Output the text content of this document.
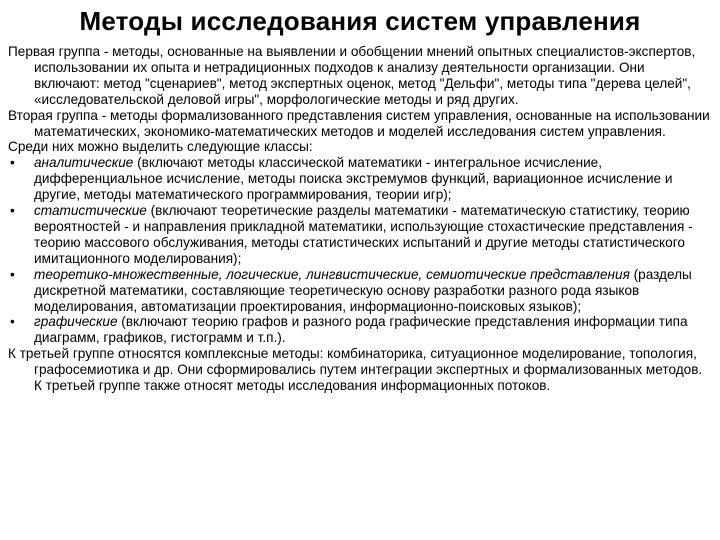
Методы исследования систем управления

Первая группа - методы, основанные на выявлении и обобщении мнений опытных специалистов-экспертов, использовании их опыта и нетрадиционных подходов к анализу деятельности организации. Они включают: метод "сценариев", метод экспертных оценок, метод "Дельфи", методы типа "дерева целей", «исследовательской деловой игры", морфологические методы и ряд других.

Вторая группа - методы формализованного представления систем управления, основанные на использовании математических, экономико-математических методов и моделей исследования систем управления.

Среди них можно выделить следующие классы:

• аналитические (включают методы классической математики - интегральное исчисление, дифференциальное исчисление, методы поиска экстремумов функций, вариационное исчисление и другие, методы математического программирования, теории игр);
• статистические (включают теоретические разделы математики - математическую статистику, теорию вероятностей - и направления прикладной математики, использующие стохастические представления - теорию массового обслуживания, методы статистических испытаний и другие методы статистического имитационного моделирования);
• теоретико-множественные, логические, лингвистические, семиотические представления (разделы дискретной математики, составляющие теоретическую основу разработки разного рода языков моделирования, автоматизации проектирования, информационно-поисковых языков);
• графические (включают теорию графов и разного рода графические представления информации типа диаграмм, графиков, гистограмм и т.п.).

К третьей группе относятся комплексные методы: комбинаторика, ситуационное моделирование, топология, графосемиотика и др. Они сформировались путем интеграции экспертных и формализованных методов. К третьей группе также относят методы исследования информационных потоков.
